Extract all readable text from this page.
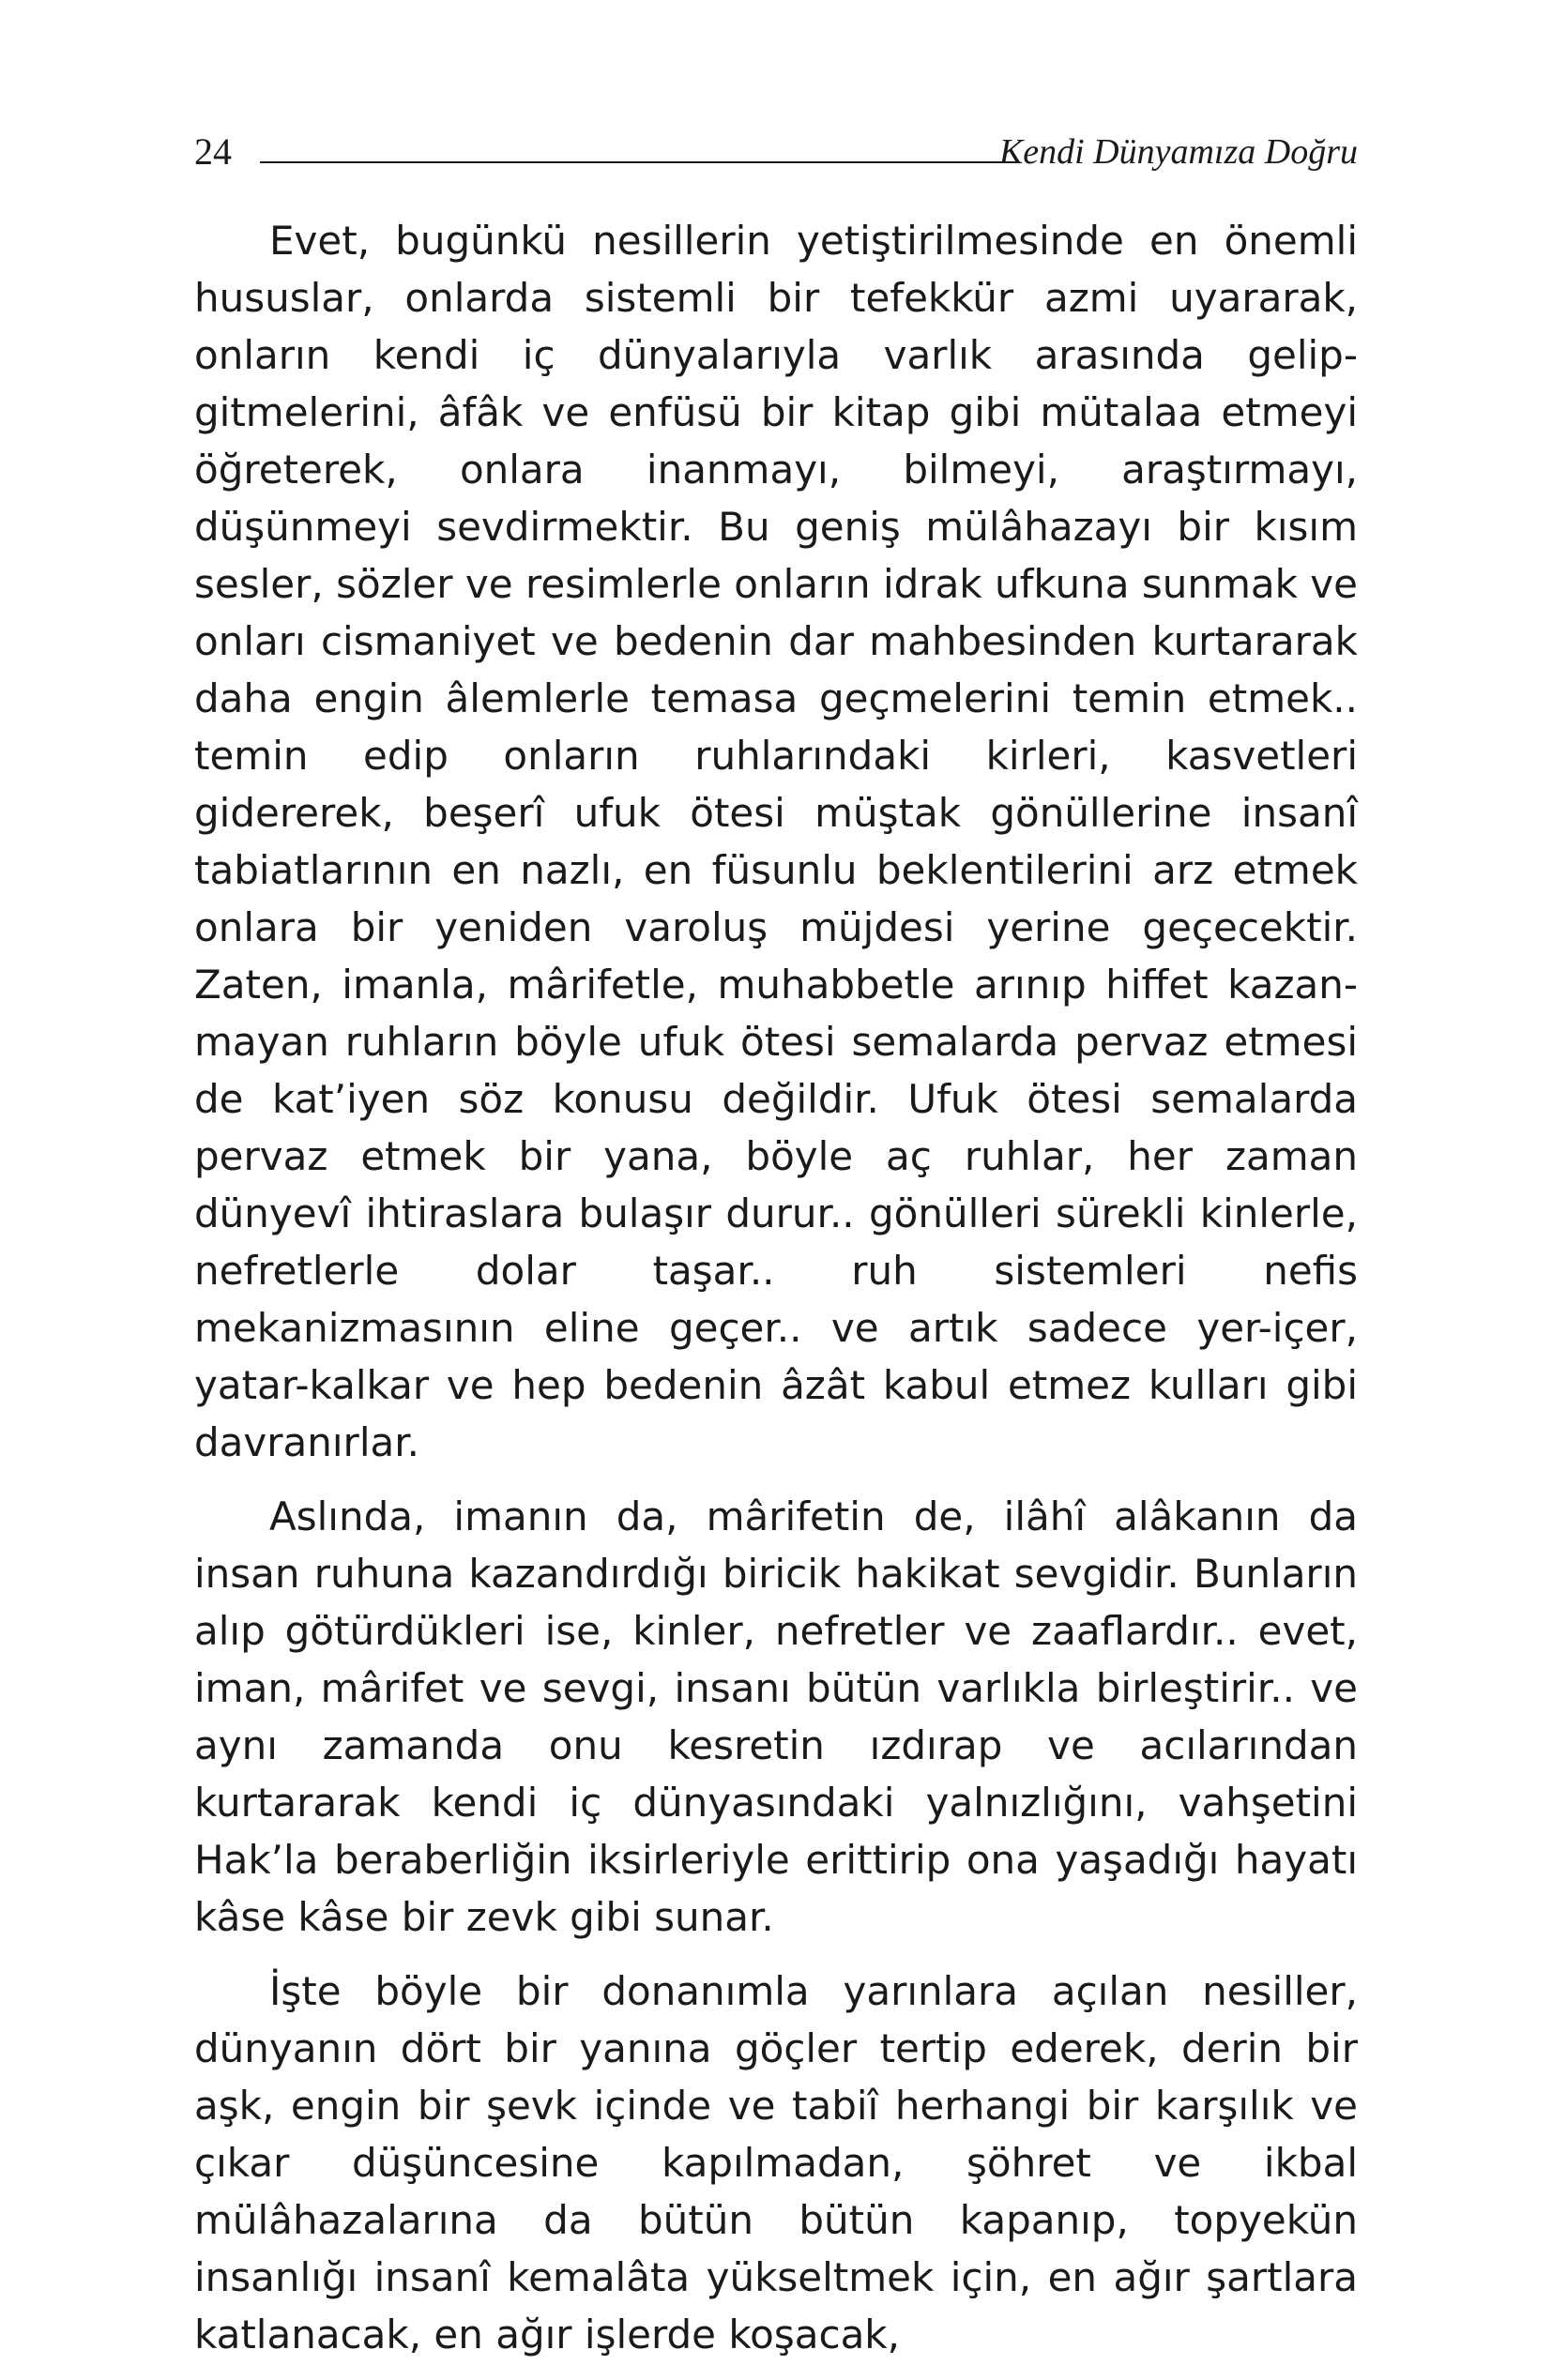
24	Kendi Dünyamıza Doğru

Evet, bugünkü nesillerin yetiştirilmesinde en önemli hususlar, onlarda sistemli bir tefekkür azmi uyararak, onların kendi iç dünyalarıyla varlık arasında gelip-gitmelerini, âfâk ve enfüsü bir kitap gibi mütalaa etmeyi öğreterek, onlara inanmayı, bilmeyi, araştırmayı, düşünmeyi sevdirmektir. Bu geniş mülâhazayı bir kısım sesler, sözler ve resimlerle onların idrak ufkuna sunmak ve onları cismaniyet ve bedenin dar mahbesinden kurtararak daha engin âlemlerle temasa geçmelerini temin etmek.. temin edip onların ruhlarındaki kirleri, kasvetleri gidererek, beşerî ufuk ötesi müştak gönüllerine insanî tabiatlarının en nazlı, en füsunlu beklentilerini arz etmek onlara bir yeniden varoluş müjdesi yerine geçecektir. Zaten, imanla, mârifetle, muhabbetle arınıp hiffet kazanmayan ruhların böyle ufuk ötesi semalarda pervaz etmesi de kat’iyen söz konusu değildir. Ufuk ötesi semalarda pervaz etmek bir yana, böyle aç ruhlar, her zaman dünyevî ihtiraslara bulaşır durur.. gönülleri sürekli kinlerle, nefretlerle dolar taşar.. ruh sistemleri nefis mekanizmasının eline geçer.. ve artık sadece yer-içer, yatar-kalkar ve hep bedenin âzât kabul etmez kulları gibi davranırlar.

Aslında, imanın da, mârifetin de, ilâhî alâkanın da insan ruhuna kazandırdığı biricik hakikat sevgidir. Bunların alıp götürdükleri ise, kinler, nefretler ve zaaflardır.. evet, iman, mârifet ve sevgi, insanı bütün varlıkla birleştirir.. ve aynı zamanda onu kesretin ızdırap ve acılarından kurtararak kendi iç dünyasındaki yalnızlığını, vahşetini Hak’la beraberliğin iksirleriyle erittirip ona yaşadığı hayatı kâse kâse bir zevk gibi sunar.

İşte böyle bir donanımla yarınlara açılan nesiller, dünyanın dört bir yanına göçler tertip ederek, derin bir aşk, engin bir şevk içinde ve tabiî herhangi bir karşılık ve çıkar düşüncesine kapılmadan, şöhret ve ikbal mülâhazalarına da bütün bütün kapanıp, topyekün insanlığı insanî kemalâta yükseltmek için, en ağır şartlara katlanacak, en ağır işlerde koşacak,
